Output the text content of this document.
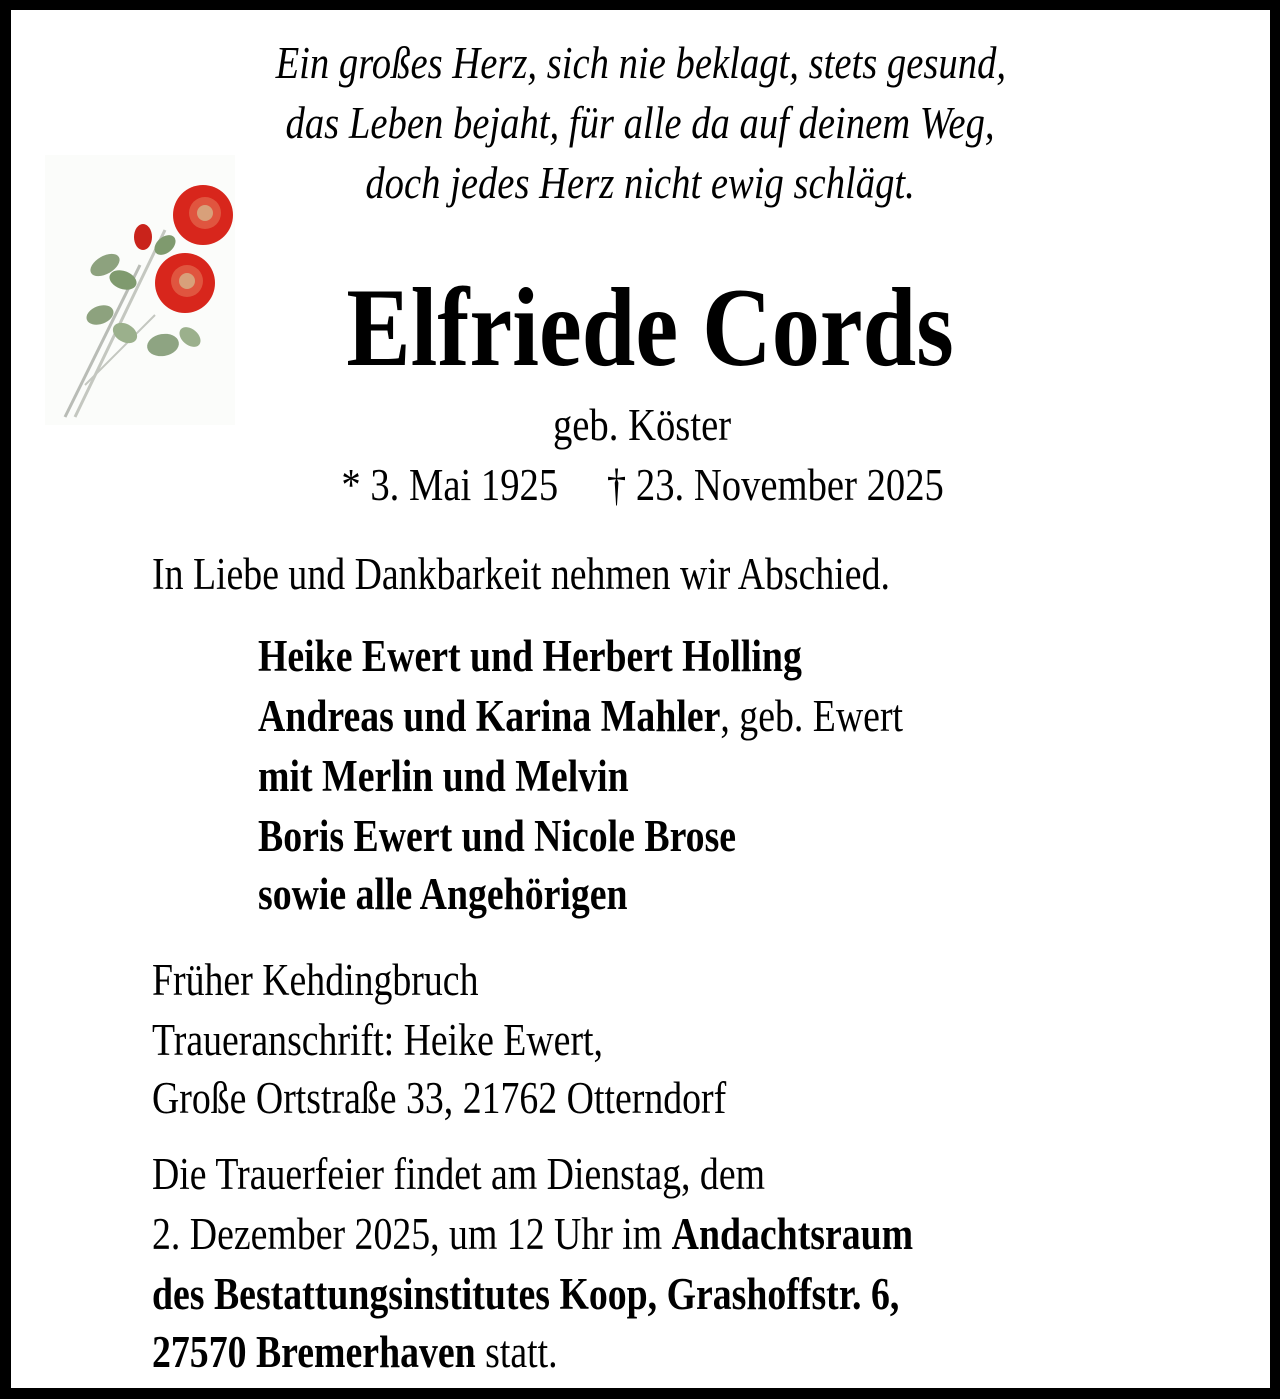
Ein großes Herz, sich nie beklagt, stets gesund,
das Leben bejaht, für alle da auf deinem Weg,
doch jedes Herz nicht ewig schlägt.
Elfriede Cords
geb. Köster
* 3. Mai 1925 † 23. November 2025
In Liebe und Dankbarkeit nehmen wir Abschied.
Heike Ewert und Herbert Holling
Andreas und Karina Mahler, geb. Ewert
mit Merlin und Melvin
Boris Ewert und Nicole Brose
sowie alle Angehörigen
Früher Kehdingbruch
Traueranschrift: Heike Ewert,
Große Ortstraße 33, 21762 Otterndorf
Die Trauerfeier findet am Dienstag, dem
2. Dezember 2025, um 12 Uhr im Andachtsraum
des Bestattungsinstitutes Koop, Grashoffstr. 6,
27570 Bremerhaven statt.
